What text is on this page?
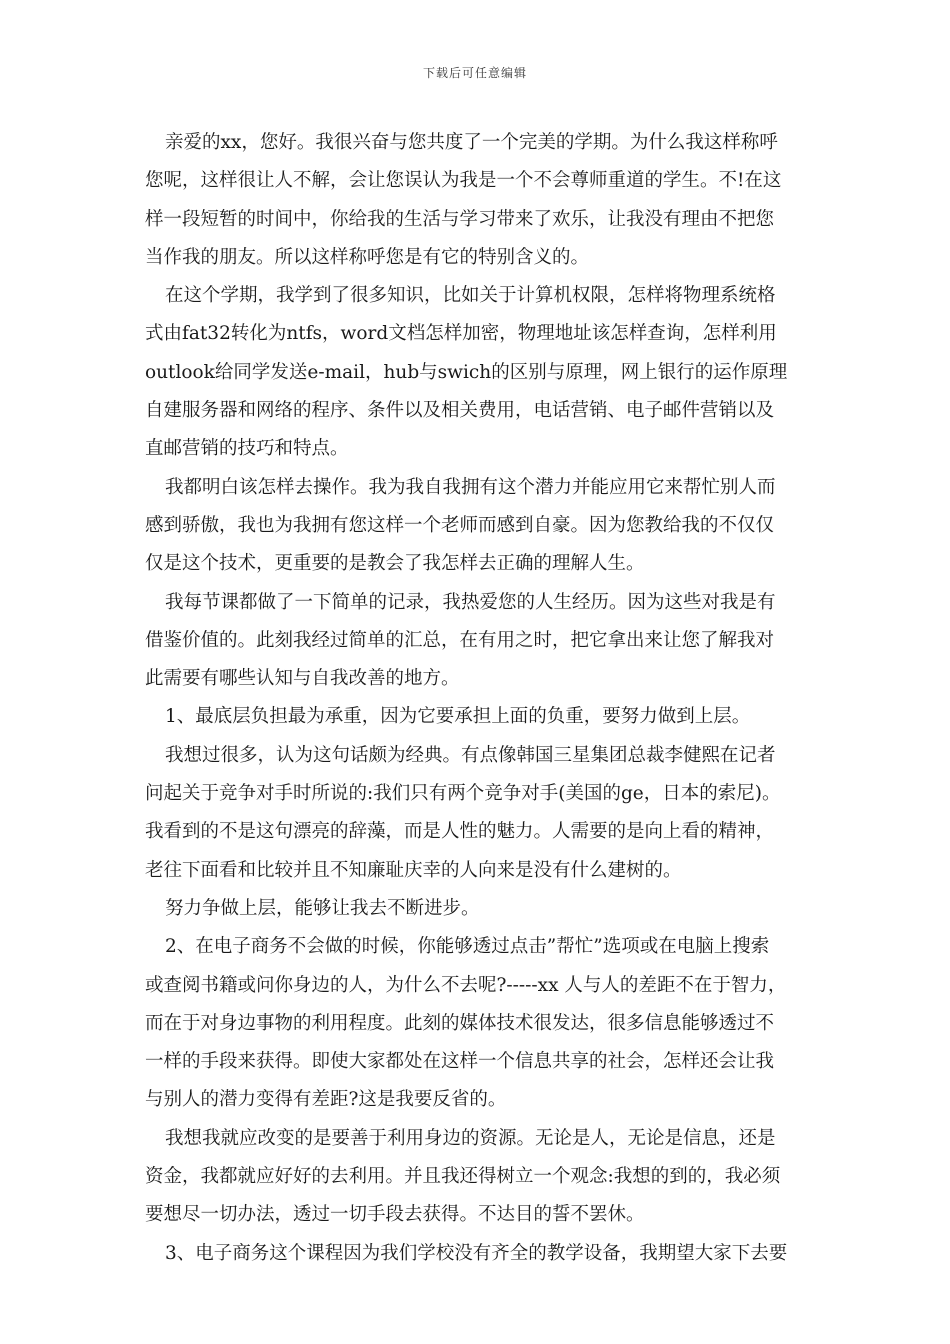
下载后可任意编辑
亲爱的xx，您好。我很兴奋与您共度了一个完美的学期。为什么我这样称呼
您呢，这样很让人不解，会让您误认为我是一个不会尊师重道的学生。不!在这
样一段短暂的时间中，你给我的生活与学习带来了欢乐，让我没有理由不把您
当作我的朋友。所以这样称呼您是有它的特别含义的。
在这个学期，我学到了很多知识，比如关于计算机权限，怎样将物理系统格
式由fat32转化为ntfs，word文档怎样加密，物理地址该怎样查询，怎样利用
outlook给同学发送e-mail，hub与swich的区别与原理，网上银行的运作原理
自建服务器和网络的程序、条件以及相关费用，电话营销、电子邮件营销以及
直邮营销的技巧和特点。
我都明白该怎样去操作。我为我自我拥有这个潜力并能应用它来帮忙别人而
感到骄傲，我也为我拥有您这样一个老师而感到自豪。因为您教给我的不仅仅
仅是这个技术，更重要的是教会了我怎样去正确的理解人生。
我每节课都做了一下简单的记录，我热爱您的人生经历。因为这些对我是有
借鉴价值的。此刻我经过简单的汇总，在有用之时，把它拿出来让您了解我对
此需要有哪些认知与自我改善的地方。
1、最底层负担最为承重，因为它要承担上面的负重，要努力做到上层。
我想过很多，认为这句话颇为经典。有点像韩国三星集团总裁李健熙在记者
问起关于竞争对手时所说的:我们只有两个竞争对手(美国的ge，日本的索尼)。
我看到的不是这句漂亮的辞藻，而是人性的魅力。人需要的是向上看的精神，
老往下面看和比较并且不知廉耻庆幸的人向来是没有什么建树的。
努力争做上层，能够让我去不断进步。
2、在电子商务不会做的时候，你能够透过点击”帮忙”选项或在电脑上搜索
或查阅书籍或问你身边的人，为什么不去呢?-----xx 人与人的差距不在于智力，
而在于对身边事物的利用程度。此刻的媒体技术很发达，很多信息能够透过不
一样的手段来获得。即使大家都处在这样一个信息共享的社会，怎样还会让我
与别人的潜力变得有差距?这是我要反省的。
我想我就应改变的是要善于利用身边的资源。无论是人，无论是信息，还是
资金，我都就应好好的去利用。并且我还得树立一个观念:我想的到的，我必须
要想尽一切办法，透过一切手段去获得。不达目的誓不罢休。
3、电子商务这个课程因为我们学校没有齐全的教学设备，我期望大家下去要
